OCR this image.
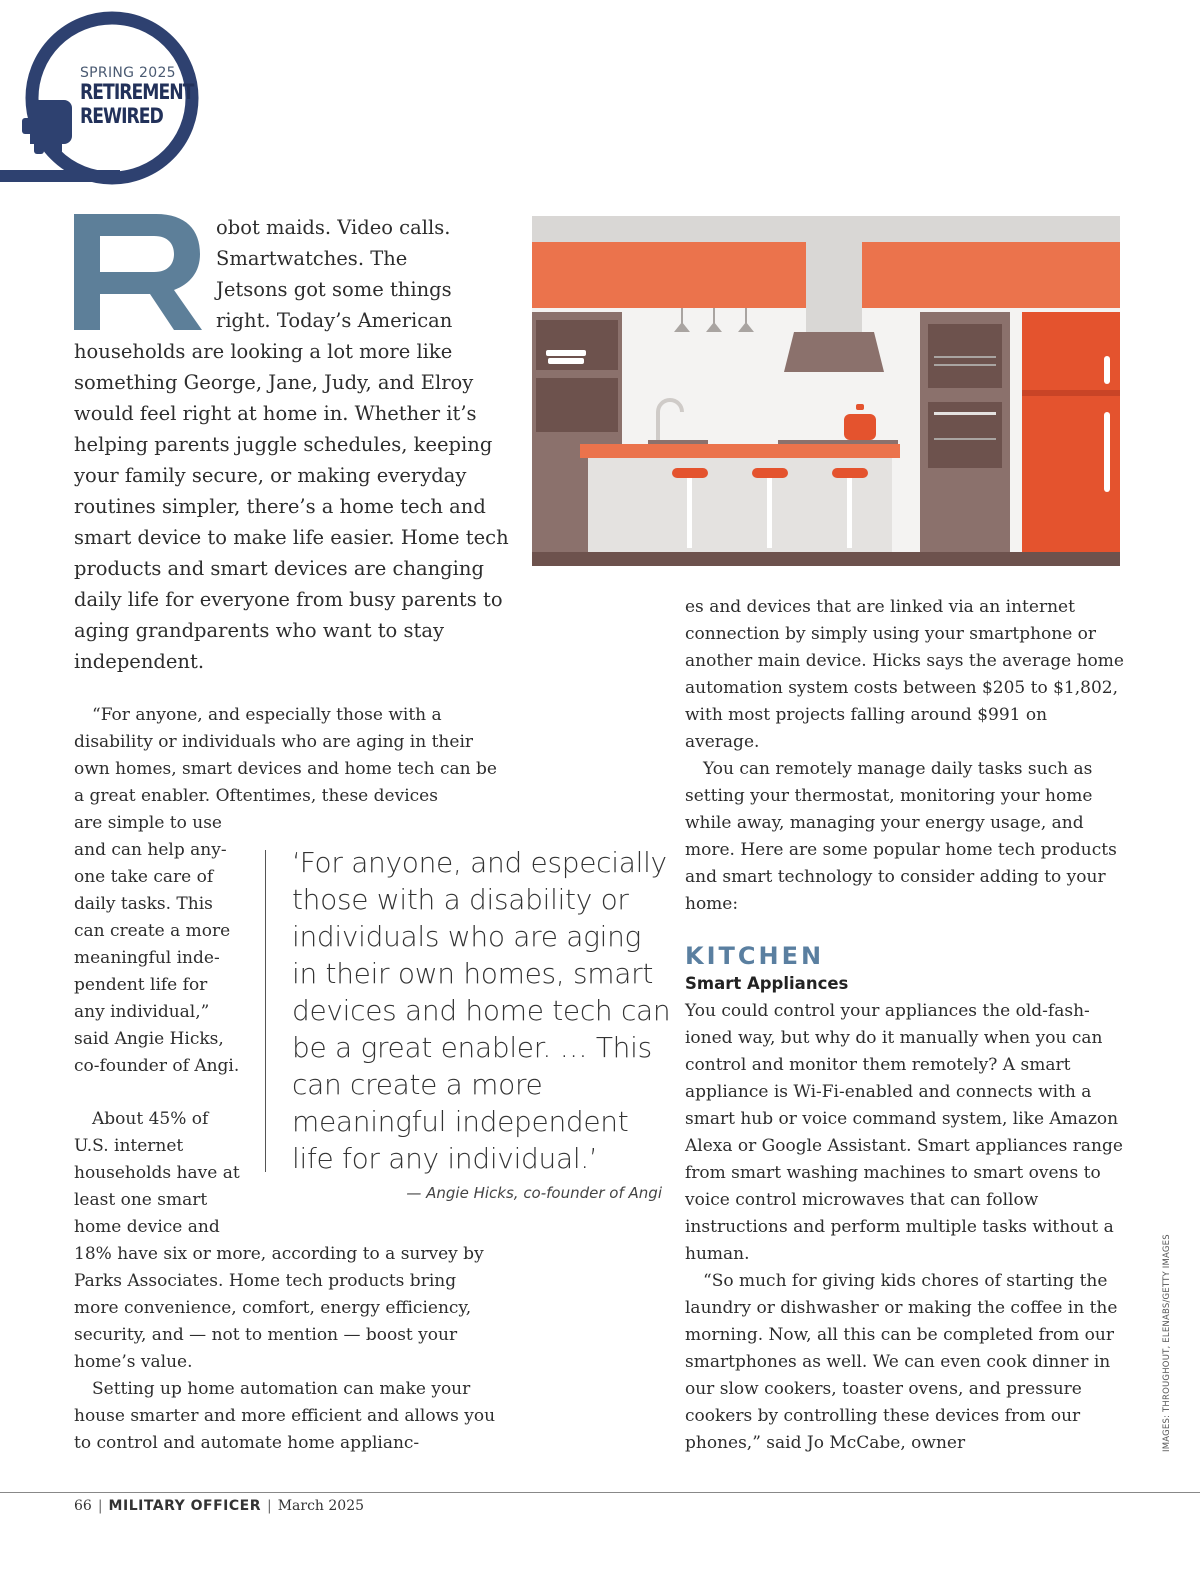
SPRING 2025
RETIREMENT
REWIRED
obot maids. Video calls.
Smartwatches. The
Jetsons got some things
right. Today’s American

households are looking a lot more like something George, Jane, Judy, and Elroy would feel right at home in. Whether it’s helping parents juggle schedules, keeping your family secure, or making everyday routines simpler, there’s a home tech and smart device to make life easier. Home tech products and smart devices are changing daily life for everyone from busy parents to aging grandparents who want to stay independent.

“For anyone, and especially those with a disability or individuals who are aging in their own homes, smart devices and home tech can be a great enabler. Oftentimes, these devices

are simple to use and can help anyone take care of daily tasks. This can create a more meaningful independent life for any individual,” said Angie Hicks, co-founder of Angi.

About 45% of U.S. internet households have at least one smart home device and

18% have six or more, according to a survey by Parks Associates. Home tech products bring more convenience, comfort, energy efficiency, security, and — not to mention — boost your home’s value.

Setting up home automation can make your house smarter and more efficient and allows you to control and automate home applianc-

‘For anyone, and especially those with a disability or individuals who are aging in their own homes, smart devices and home tech can be a great enabler. … This can create a more meaningful independent life for any individual.’
— Angie Hicks, co-founder of Angi

es and devices that are linked via an internet connection by simply using your smartphone or another main device. Hicks says the average home automation system costs between $205 to $1,802, with most projects falling around $991 on average.

You can remotely manage daily tasks such as setting your thermostat, monitoring your home while away, managing your energy usage, and more. Here are some popular home tech products and smart technology to consider adding to your home:

KITCHEN
Smart Appliances

You could control your appliances the old-fashioned way, but why do it manually when you can control and monitor them remotely? A smart appliance is Wi-Fi-enabled and connects with a smart hub or voice command system, like Amazon Alexa or Google Assistant. Smart appliances range from smart washing machines to smart ovens to voice control microwaves that can follow instructions and perform multiple tasks without a human.

“So much for giving kids chores of starting the laundry or dishwasher or making the coffee in the morning. Now, all this can be completed from our smartphones as well. We can even cook dinner in our slow cookers, toaster ovens, and pressure cookers by controlling these devices from our phones,” said Jo McCabe, owner	IMAGES: THROUGHOUT, ELENABS/GETTY IMAGES
66 | MILITARY OFFICER | March 2025
